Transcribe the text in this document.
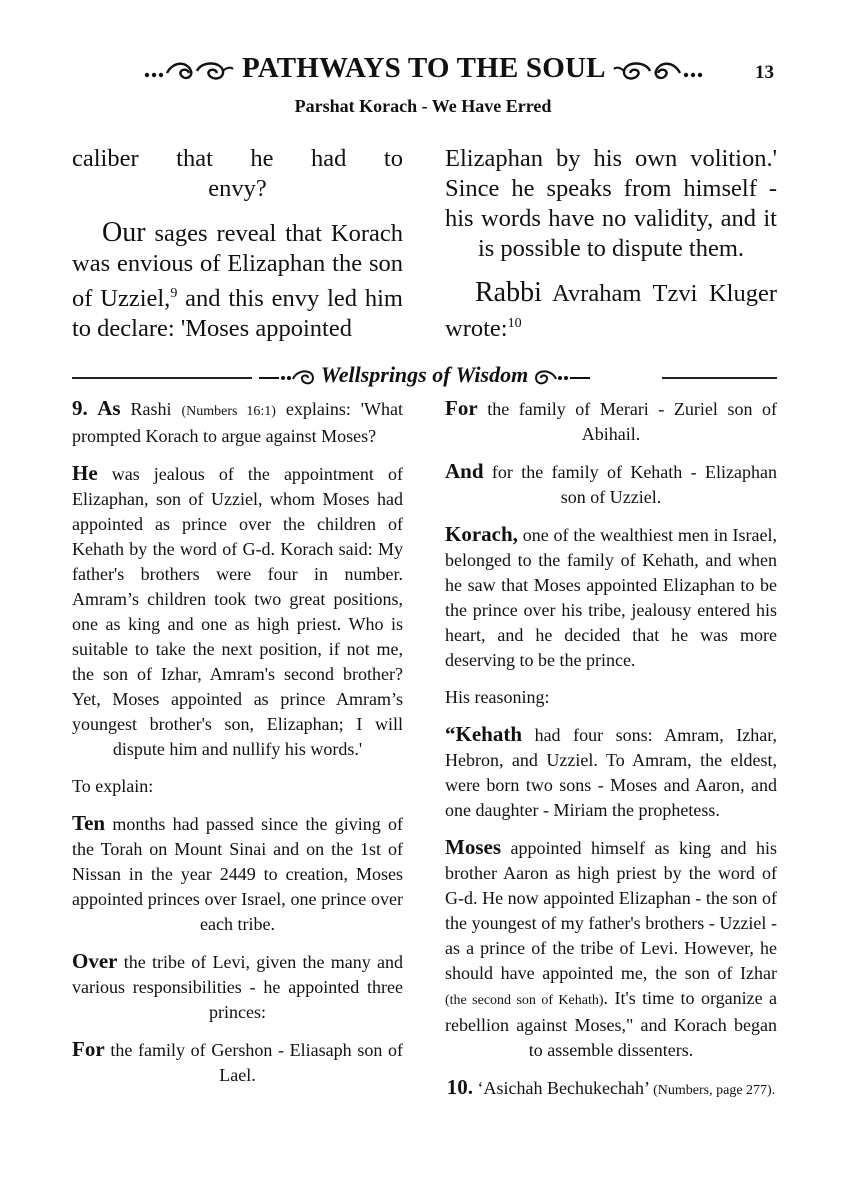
PATHWAYS TO THE SOUL	13
Parshat Korach - We Have Erred

caliber that he had to

envy?

Our sages reveal that Korach was envious of Elizaphan the son of Uzziel,$^9$ and this envy led him to declare: 'Moses appointed

Elizaphan by his own volition.' Since he speaks from himself - his words have no validity, and it is possible to dispute them.

Rabbi Avraham Tzvi Kluger wrote:$^{10}$

Wellsprings of Wisdom

9. As Rashi (Numbers 16:1) explains: 'What prompted Korach to argue against Moses?

He was jealous of the appointment of Elizaphan, son of Uzziel, whom Moses had appointed as prince over the children of Kehath by the word of G-d. Korach said: My father's brothers were four in number. Amram’s children took two great positions, one as king and one as high priest. Who is suitable to take the next position, if not me, the son of Izhar, Amram's second brother? Yet, Moses appointed as prince Amram’s youngest brother's son, Elizaphan; I will dispute him and nullify his words.'

To explain:

Ten months had passed since the giving of the Torah on Mount Sinai and on the 1st of Nissan in the year 2449 to creation, Moses appointed princes over Israel, one prince over each tribe.

Over the tribe of Levi, given the many and various responsibilities - he appointed three princes:

For the family of Gershon - Eliasaph son of Lael.

For the family of Merari - Zuriel son of Abihail.

And for the family of Kehath - Elizaphan son of Uzziel.

Korach, one of the wealthiest men in Israel, belonged to the family of Kehath, and when he saw that Moses appointed Elizaphan to be the prince over his tribe, jealousy entered his heart, and he decided that he was more deserving to be the prince.

His reasoning:

“Kehath had four sons: Amram, Izhar, Hebron, and Uzziel. To Amram, the eldest, were born two sons - Moses and Aaron, and one daughter - Miriam the prophetess.

Moses appointed himself as king and his brother Aaron as high priest by the word of G-d. He now appointed Elizaphan - the son of the youngest of my father's brothers - Uzziel - as a prince of the tribe of Levi. However, he should have appointed me, the son of Izhar (the second son of Kehath). It's time to organize a rebellion against Moses," and Korach began to assemble dissenters.

10. ‘Asichah Bechukechah’ (Numbers, page 277).
